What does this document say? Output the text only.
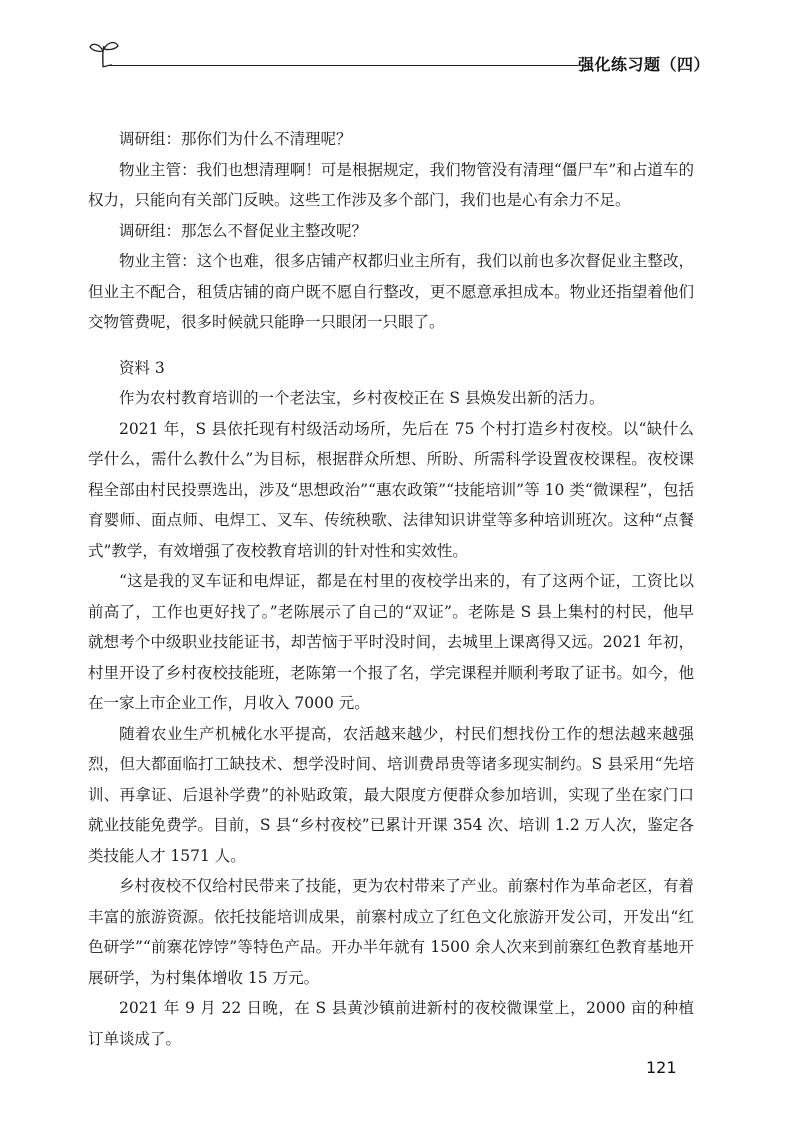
强化练习题（四）

调研组：那你们为什么不清理呢？

物业主管：我们也想清理啊！可是根据规定，我们物管没有清理“僵尸车”和占道车的权力，只能向有关部门反映。这些工作涉及多个部门，我们也是心有余力不足。

调研组：那怎么不督促业主整改呢？

物业主管：这个也难，很多店铺产权都归业主所有，我们以前也多次督促业主整改，但业主不配合，租赁店铺的商户既不愿自行整改，更不愿意承担成本。物业还指望着他们交物管费呢，很多时候就只能睁一只眼闭一只眼了。

资料 3

作为农村教育培训的一个老法宝，乡村夜校正在 S 县焕发出新的活力。

2021 年，S 县依托现有村级活动场所，先后在 75 个村打造乡村夜校。以“缺什么学什么，需什么教什么”为目标，根据群众所想、所盼、所需科学设置夜校课程。夜校课程全部由村民投票选出，涉及“思想政治”“惠农政策”“技能培训”等 10 类“微课程”，包括育婴师、面点师、电焊工、叉车、传统秧歌、法律知识讲堂等多种培训班次。这种“点餐式”教学，有效增强了夜校教育培训的针对性和实效性。

“这是我的叉车证和电焊证，都是在村里的夜校学出来的，有了这两个证，工资比以前高了，工作也更好找了。”老陈展示了自己的“双证”。老陈是 S 县上集村的村民，他早就想考个中级职业技能证书，却苦恼于平时没时间，去城里上课离得又远。2021 年初，村里开设了乡村夜校技能班，老陈第一个报了名，学完课程并顺利考取了证书。如今，他在一家上市企业工作，月收入 7000 元。

随着农业生产机械化水平提高，农活越来越少，村民们想找份工作的想法越来越强烈，但大都面临打工缺技术、想学没时间、培训费昂贵等诸多现实制约。S 县采用“先培训、再拿证、后退补学费”的补贴政策，最大限度方便群众参加培训，实现了坐在家门口就业技能免费学。目前，S 县“乡村夜校”已累计开课 354 次、培训 1.2 万人次，鉴定各类技能人才 1571 人。

乡村夜校不仅给村民带来了技能，更为农村带来了产业。前寨村作为革命老区，有着丰富的旅游资源。依托技能培训成果，前寨村成立了红色文化旅游开发公司，开发出“红色研学”“前寨花饽饽”等特色产品。开办半年就有 1500 余人次来到前寨红色教育基地开展研学，为村集体增收 15 万元。

2021 年 9 月 22 日晚，在 S 县黄沙镇前进新村的夜校微课堂上，2000 亩的种植订单谈成了。

121
